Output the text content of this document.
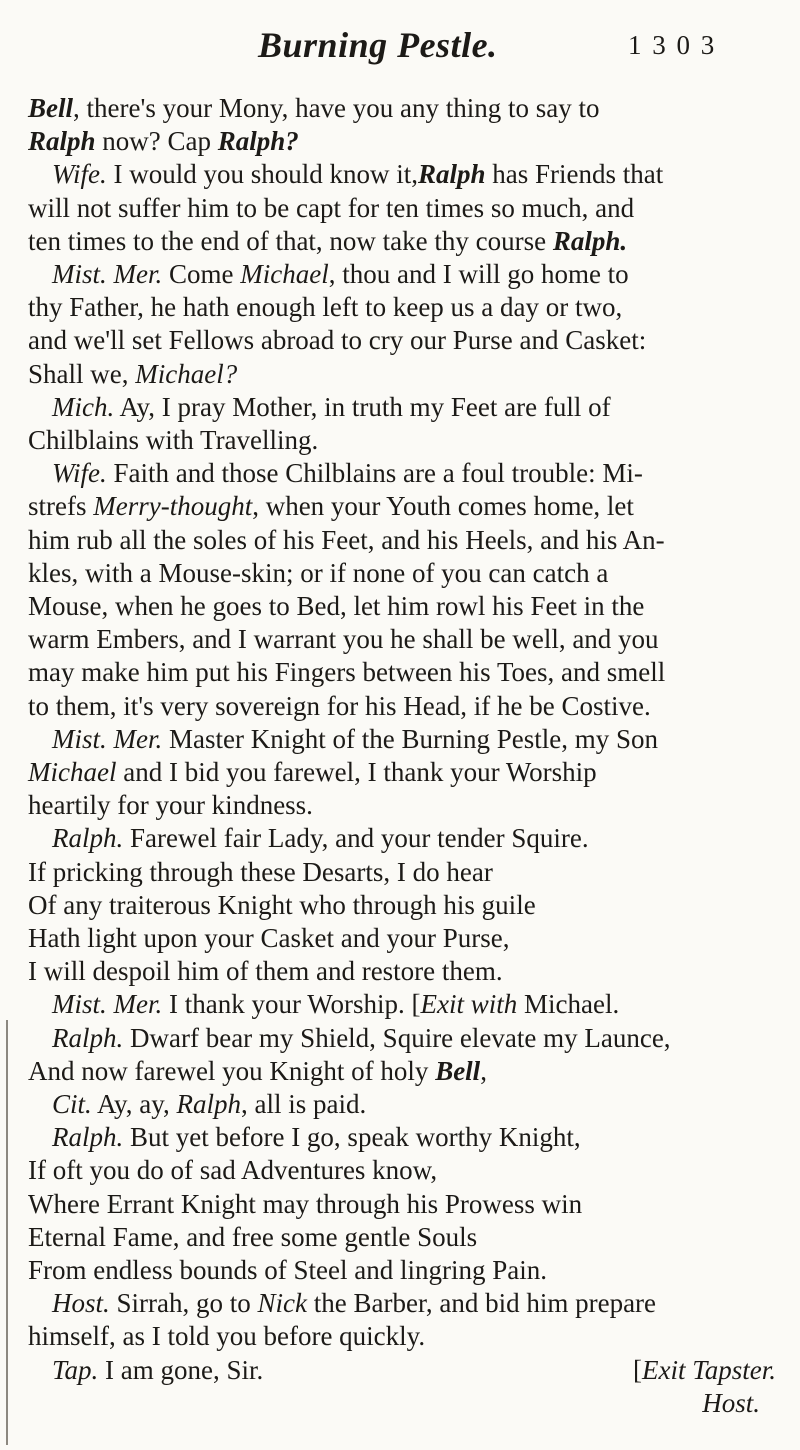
Burning Pestle.	1 3 0 3
Bell, there's your Mony, have you any thing to say to
Ralph now? Cap Ralph?
Wife. I would you should know it,Ralph has Friends that
will not suffer him to be capt for ten times so much, and
ten times to the end of that, now take thy course Ralph.
Mist. Mer. Come Michael, thou and I will go home to
thy Father, he hath enough left to keep us a day or two,
and we'll set Fellows abroad to cry our Purse and Casket:
Shall we, Michael?
Mich. Ay, I pray Mother, in truth my Feet are full of
Chilblains with Travelling.
Wife. Faith and those Chilblains are a foul trouble: Mi-
strefs Merry-thought, when your Youth comes home, let
him rub all the soles of his Feet, and his Heels, and his An-
kles, with a Mouse-skin; or if none of you can catch a
Mouse, when he goes to Bed, let him rowl his Feet in the
warm Embers, and I warrant you he shall be well, and you
may make him put his Fingers between his Toes, and smell
to them, it's very sovereign for his Head, if he be Costive.
Mist. Mer. Master Knight of the Burning Pestle, my Son
Michael and I bid you farewel, I thank your Worship
heartily for your kindness.
Ralph. Farewel fair Lady, and your tender Squire.
If pricking through these Desarts, I do hear
Of any traiterous Knight who through his guile
Hath light upon your Casket and your Purse,
I will despoil him of them and restore them.
Mist. Mer. I thank your Worship. [Exit with Michael.
Ralph. Dwarf bear my Shield, Squire elevate my Launce,
And now farewel you Knight of holy Bell,
Cit. Ay, ay, Ralph, all is paid.
Ralph. But yet before I go, speak worthy Knight,
If oft you do of sad Adventures know,
Where Errant Knight may through his Prowess win
Eternal Fame, and free some gentle Souls
From endless bounds of Steel and lingring Pain.
Host. Sirrah, go to Nick the Barber, and bid him prepare
himself, as I told you before quickly.
Tap. I am gone, Sir.	[Exit Tapster.
Host.
